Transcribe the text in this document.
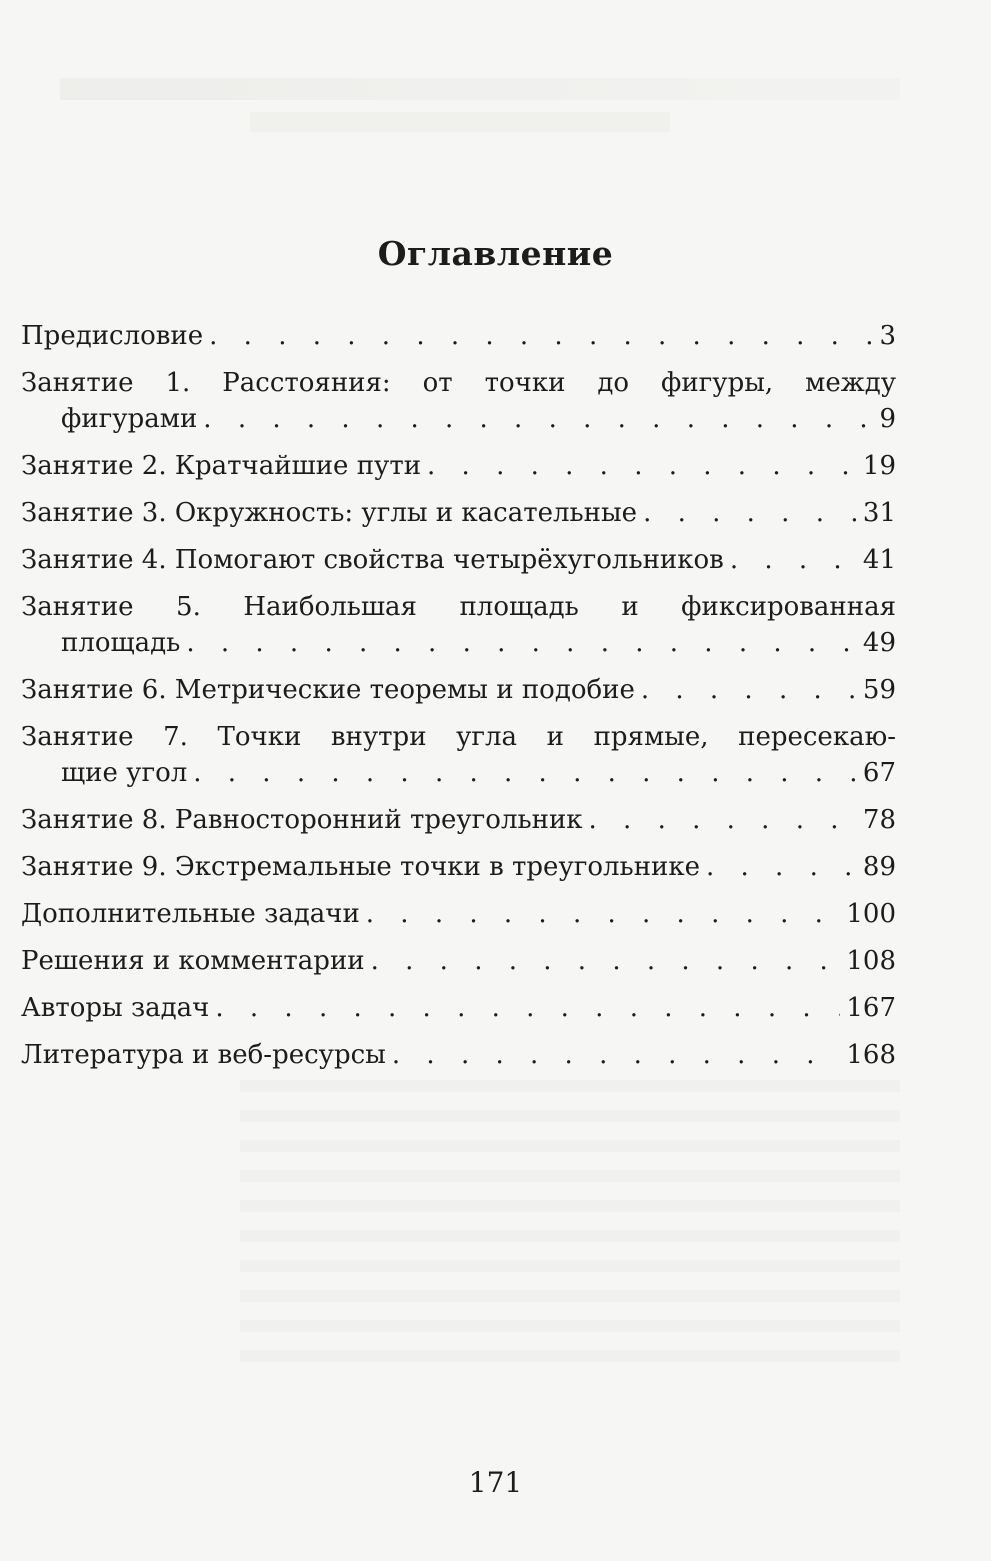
Оглавление
Предисловие . . .	3
Занятие 1. Расстояния: от точки до фигуры, между
фигурами . . .	9
Занятие 2. Кратчайшие пути . . .	19
Занятие 3. Окружность: углы и касательные . . .	31
Занятие 4. Помогают свойства четырёхугольников . . .	41
Занятие 5. Наибольшая площадь и фиксированная
площадь . . .	49
Занятие 6. Метрические теоремы и подобие . . .	59
Занятие 7. Точки внутри угла и прямые, пересекаю-
щие угол . . .	67
Занятие 8. Равносторонний треугольник . . .	78
Занятие 9. Экстремальные точки в треугольнике . . .	89
Дополнительные задачи . . .	100
Решения и комментарии . . .	108
Авторы задач . . .	167
Литература и веб-ресурсы . . .	168
171
